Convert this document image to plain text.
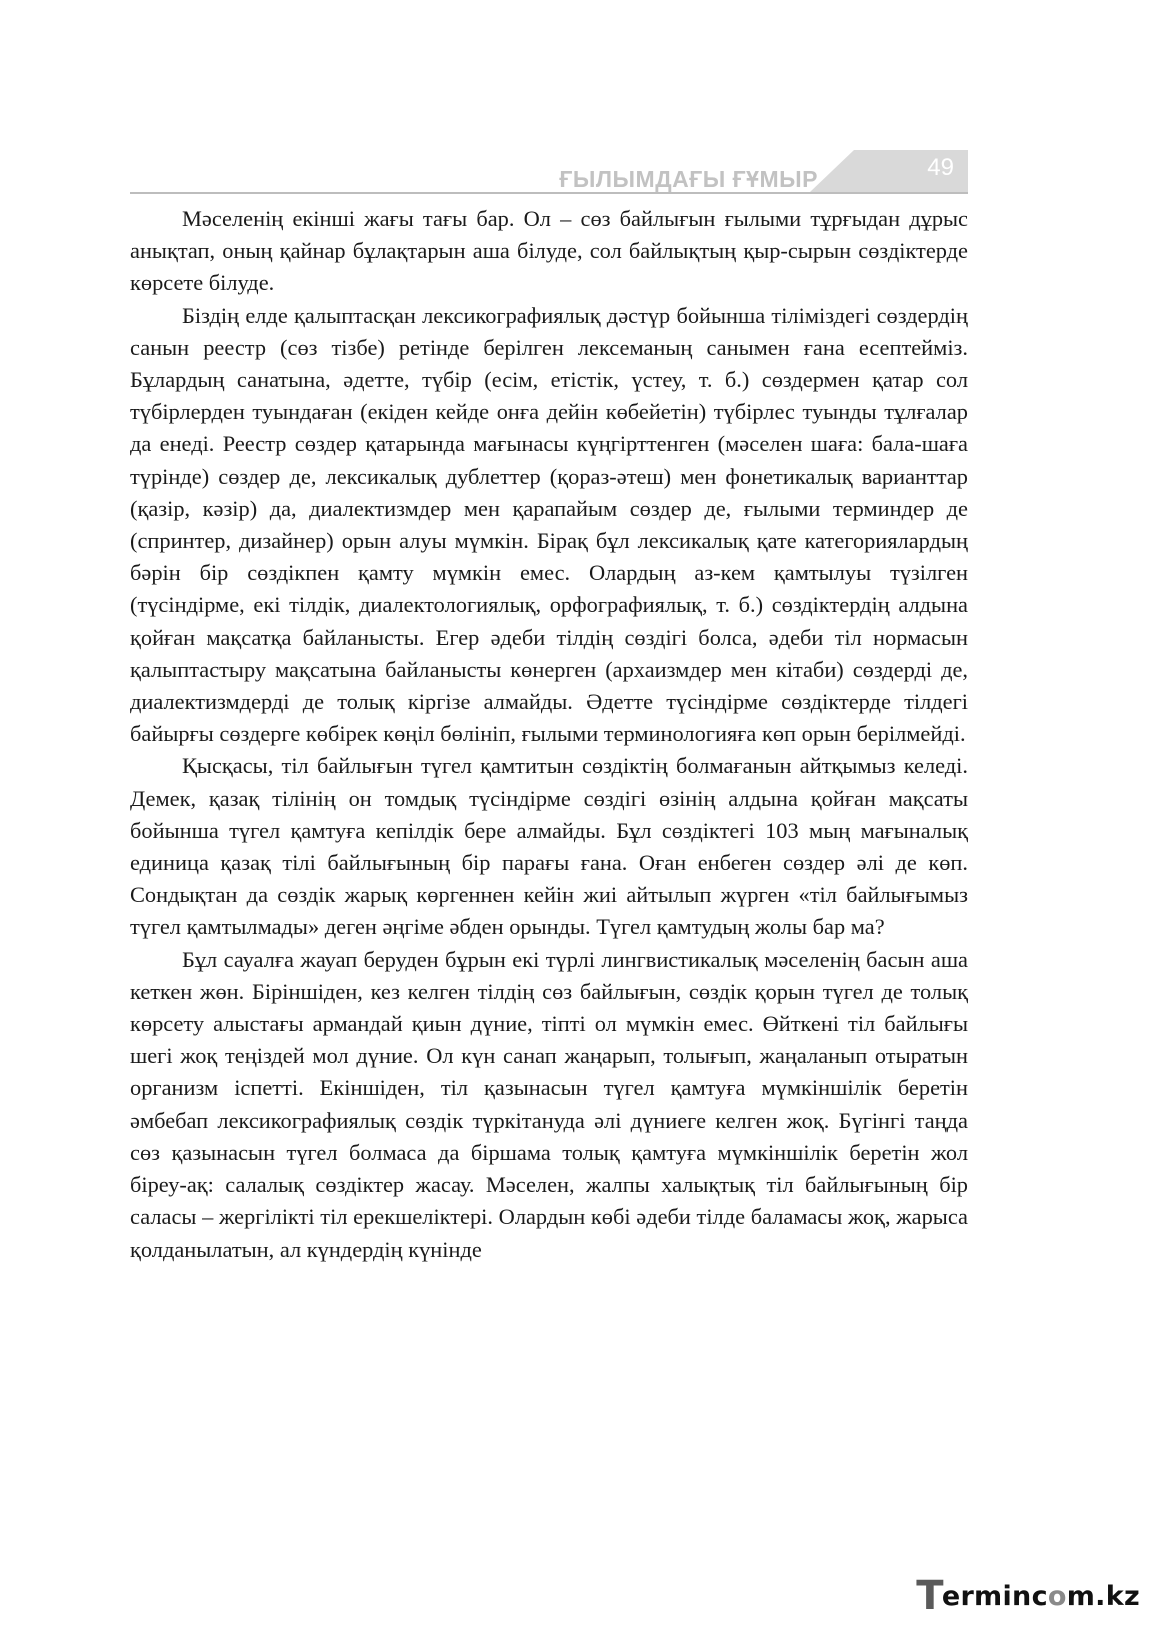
ҒЫЛЫМДАҒЫ ҒҰМЫР	49

Мәселенің екінші жағы тағы бар. Ол – сөз байлығын ғылыми тұрғыдан дұрыс анықтап, оның қайнар бұлақтарын аша білуде, сол байлықтың қыр-сырын сөздіктерде көрсете білуде.

Біздің елде қалыптасқан лексикографиялық дәстүр бойынша тіліміздегі сөздердің санын реестр (сөз тізбе) ретінде берілген лексеманың санымен ғана есептейміз. Бұлардың санатына, әдетте, түбір (есім, етістік, үстеу, т. б.) сөздермен қатар сол түбірлерден туындаған (екіден кейде онға дейін көбейетін) түбірлес туынды тұлғалар да енеді. Реестр сөздер қатарында мағынасы күңгірттенген (мәселен шаға: бала-шаға түрінде) сөздер де, лексикалық дублеттер (қораз-әтеш) мен фонетикалық варианттар (қазір, кәзір) да, диалектизмдер мен қарапайым сөздер де, ғылыми терминдер де (спринтер, дизайнер) орын алуы мүмкін. Бірақ бұл лексикалық қате категориялардың бәрін бір сөздікпен қамту мүмкін емес. Олардың аз-кем қамтылуы түзілген (түсіндірме, екі тілдік, диалектологиялық, орфографиялық, т. б.) сөздіктердің алдына қойған мақсатқа байланысты. Егер әдеби тілдің сөздігі болса, әдеби тіл нормасын қалыптастыру мақсатына байланысты көнерген (архаизмдер мен кітаби) сөздерді де, диалектизмдерді де толық кіргізе алмайды. Әдетте түсіндірме сөздіктерде тілдегі байырғы сөздерге көбірек көңіл бөлініп, ғылыми терминологияға көп орын берілмейді.

Қысқасы, тіл байлығын түгел қамтитын сөздіктің болмағанын айтқымыз келеді. Демек, қазақ тілінің он томдық түсіндірме сөздігі өзінің алдына қойған мақсаты бойынша түгел қамтуға кепілдік бере алмайды. Бұл сөздіктегі 103 мың мағыналық единица қазақ тілі байлығының бір парағы ғана. Оған енбеген сөздер әлі де көп. Сондықтан да сөздік жарық көргеннен кейін жиі айтылып жүрген «тіл байлығымыз түгел қамтылмады» деген әңгіме әбден орынды. Түгел қамтудың жолы бар ма?

Бұл сауалға жауап беруден бұрын екі түрлі лингвистикалық мәселенің басын аша кеткен жөн. Біріншіден, кез келген тілдің сөз байлығын, сөздік қорын түгел де толық көрсету алыстағы армандай қиын дүние, тіпті ол мүмкін емес. Өйткені тіл байлығы шегі жоқ теңіздей мол дүние. Ол күн санап жаңарып, толығып, жаңаланып отыратын организм іспетті. Екіншіден, тіл қазынасын түгел қамтуға мүмкіншілік беретін әмбебап лексикографиялық сөздік түркітануда әлі дүниеге келген жоқ. Бүгінгі таңда сөз қазынасын түгел болмаса да біршама толық қамтуға мүмкіншілік беретін жол біреу-ақ: салалық сөздіктер жасау. Мәселен, жалпы халықтық тіл байлығының бір саласы – жергілікті тіл ерекшеліктері. Олардын көбі әдеби тілде баламасы жоқ, жарыса қолданылатын, ал күндердің күнінде

Termincom.kz
